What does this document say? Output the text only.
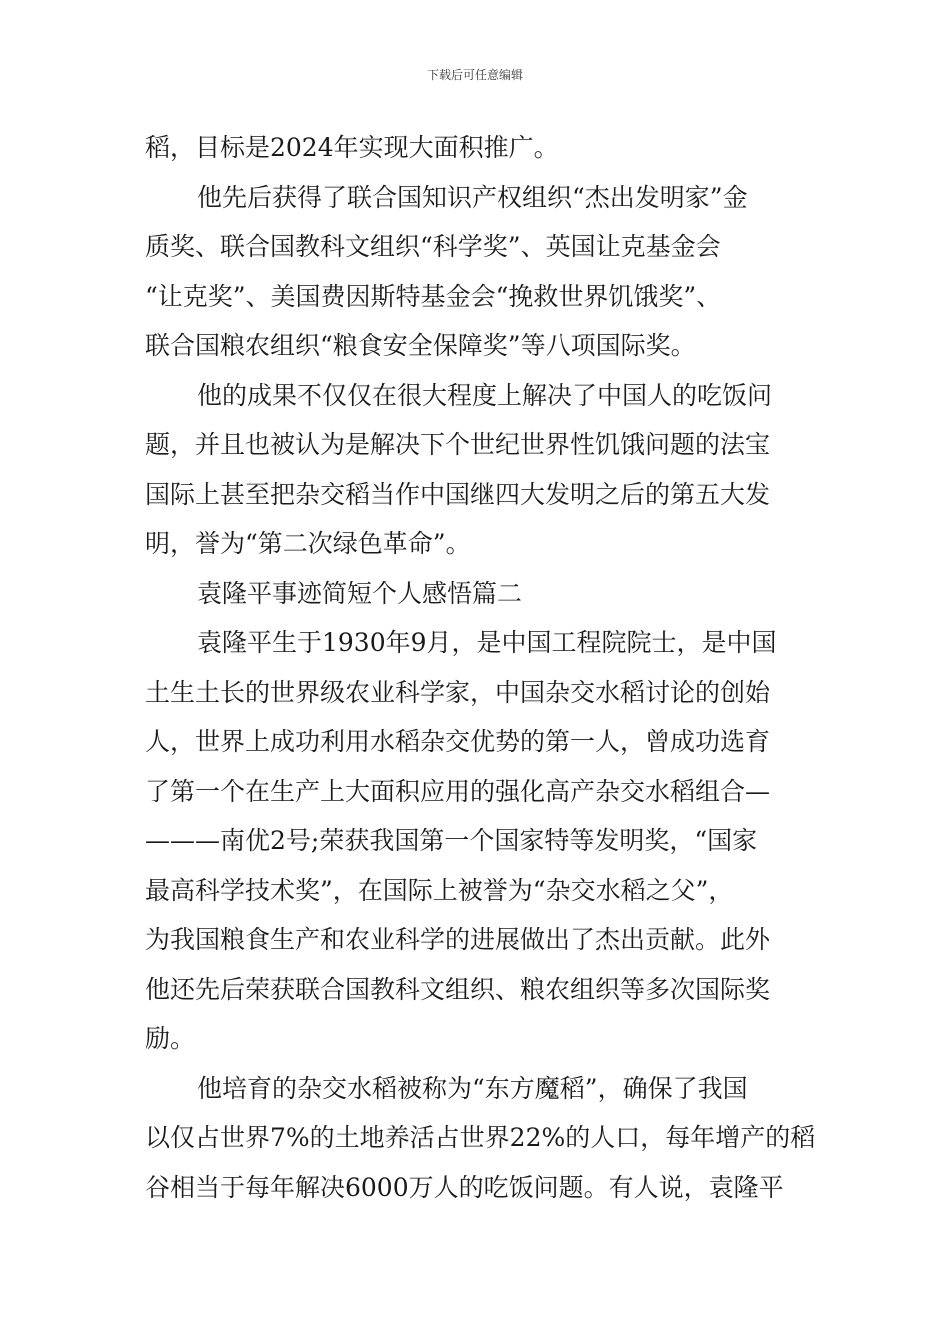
下载后可任意编辑
稻，目标是2024年实现大面积推广。
他先后获得了联合国知识产权组织“杰出发明家”金
质奖、联合国教科文组织“科学奖”、英国让克基金会
“让克奖”、美国费因斯特基金会“挽救世界饥饿奖”、
联合国粮农组织“粮食安全保障奖”等八项国际奖。
他的成果不仅仅在很大程度上解决了中国人的吃饭问
题，并且也被认为是解决下个世纪世界性饥饿问题的法宝
国际上甚至把杂交稻当作中国继四大发明之后的第五大发
明，誉为“第二次绿色革命”。
袁隆平事迹简短个人感悟篇二
袁隆平生于1930年9月，是中国工程院院士，是中国
土生土长的世界级农业科学家，中国杂交水稻讨论的创始
人，世界上成功利用水稻杂交优势的第一人，曾成功选育
了第一个在生产上大面积应用的强化高产杂交水稻组合—
———南优2号;荣获我国第一个国家特等发明奖，“国家
最高科学技术奖”，在国际上被誉为“杂交水稻之父”，
为我国粮食生产和农业科学的进展做出了杰出贡献。此外
他还先后荣获联合国教科文组织、粮农组织等多次国际奖
励。
他培育的杂交水稻被称为“东方魔稻”，确保了我国
以仅占世界7%的土地养活占世界22%的人口，每年增产的稻
谷相当于每年解决6000万人的吃饭问题。有人说，袁隆平
